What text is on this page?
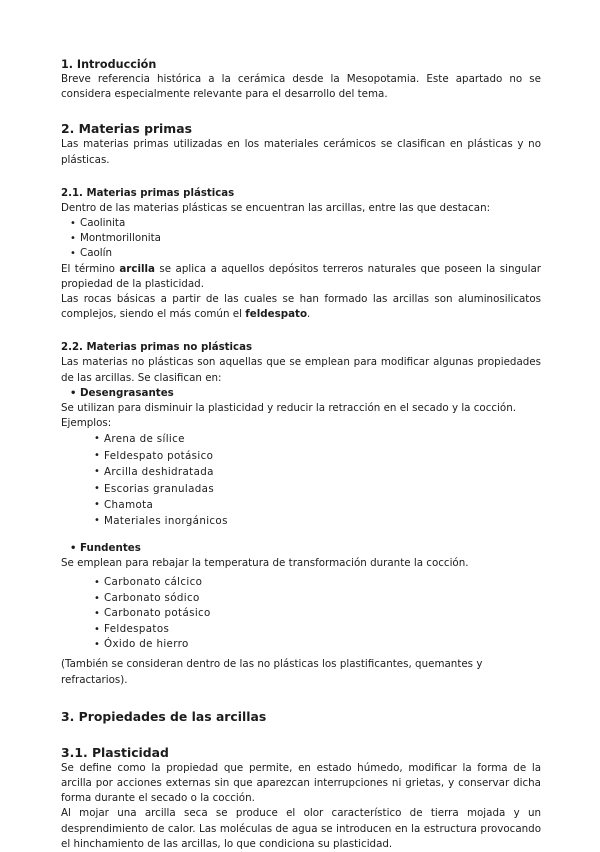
1. Introducción

Breve referencia histórica a la cerámica desde la Mesopotamia. Este apartado no se considera especialmente relevante para el desarrollo del tema.

2. Materias primas

Las materias primas utilizadas en los materiales cerámicos se clasifican en plásticas y no plásticas.

2.1. Materias primas plásticas

Dentro de las materias plásticas se encuentran las arcillas, entre las que destacan:

• Caolinita
• Montmorillonita
• Caolín

El término arcilla se aplica a aquellos depósitos terreros naturales que poseen la singular propiedad de la plasticidad.

Las rocas básicas a partir de las cuales se han formado las arcillas son aluminosilicatos complejos, siendo el más común el feldespato.

2.2. Materias primas no plásticas

Las materias no plásticas son aquellas que se emplean para modificar algunas propiedades de las arcillas. Se clasifican en:

• Desengrasantes

Se utilizan para disminuir la plasticidad y reducir la retracción en el secado y la cocción.

Ejemplos:

• Arena de sílice
• Feldespato potásico
• Arcilla deshidratada
• Escorias granuladas
• Chamota
• Materiales inorgánicos
• Fundentes

Se emplean para rebajar la temperatura de transformación durante la cocción.

• Carbonato cálcico
• Carbonato sódico
• Carbonato potásico
• Feldespatos
• Óxido de hierro

(También se consideran dentro de las no plásticas los plastificantes, quemantes y refractarios).

3. Propiedades de las arcillas
3.1. Plasticidad

Se define como la propiedad que permite, en estado húmedo, modificar la forma de la arcilla por acciones externas sin que aparezcan interrupciones ni grietas, y conservar dicha forma durante el secado o la cocción.

Al mojar una arcilla seca se produce el olor característico de tierra mojada y un desprendimiento de calor. Las moléculas de agua se introducen en la estructura provocando el hinchamiento de las arcillas, lo que condiciona su plasticidad.
